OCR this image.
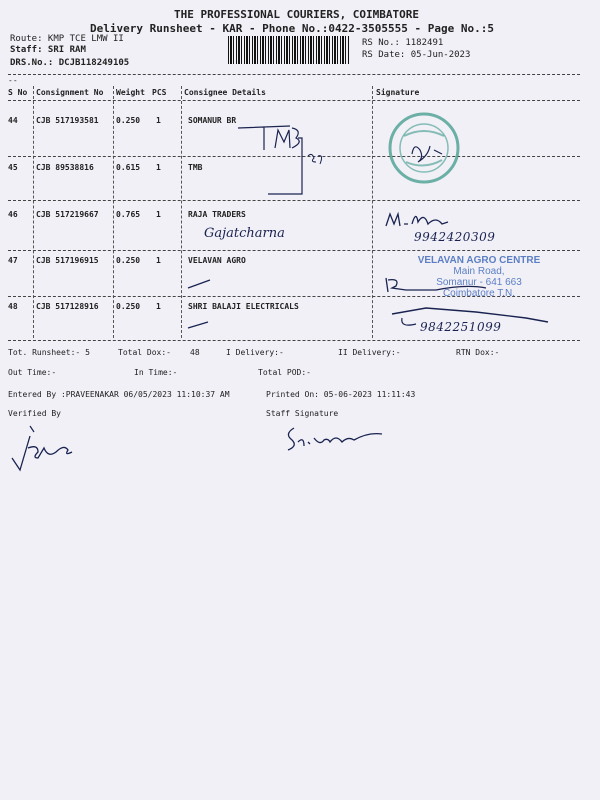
THE PROFESSIONAL COURIERS, COIMBATORE
Delivery Runsheet - KAR - Phone No.:0422-3505555 - Page No.:5
Route: KMP TCE LMW II
Staff: SRI RAM
DRS.No.: DCJB118249105
RS No.: 1182491
RS Date: 05-Jun-2023
--
S No Consignment No Weight PCS Consignee Details	Signature
44 CJB 517193581 0.250 1	SOMANUR BR
45 CJB 89538816	0.615 1	TMB
46 CJB 517219667 0.765 1	RAJA TRADERS
47 CJB 517196915 0.250 1	VELAVAN AGRO
48 CJB 517128916 0.250 1	SHRI BALAJI ELECTRICALS
Tot. Runsheet:- 5	Total Dox:- 48	I Delivery:-	II Delivery:-	RTN Dox:-
Out Time:-	In Time:-	Total POD:-
Entered By :PRAVEENAKAR 06/05/2023 11:10:37 AM	Printed On: 05-06-2023 11:11:43
Verified By	Staff Signature
Gajatcharna	9942420309
VELAVAN AGRO CENTRE
Main Road,
Somanur - 641 663
Coimbatore T.N.
9842251099
